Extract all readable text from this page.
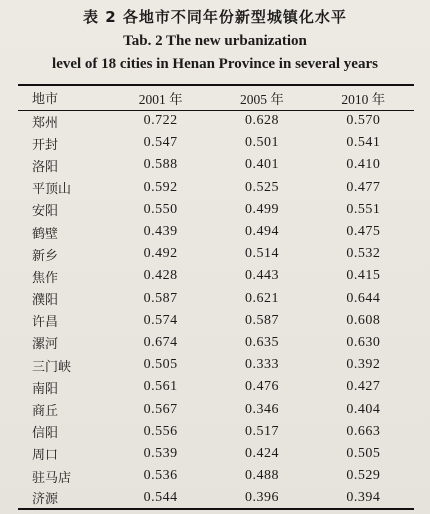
表 2 各地市不同年份新型城镇化水平
Tab. 2 The new urbanization
level of 18 cities in Henan Province in several years
地市	2001 年	2005 年	2010 年
郑州	0.722	0.628	0.570
开封	0.547	0.501	0.541
洛阳	0.588	0.401	0.410
平顶山	0.592	0.525	0.477
安阳	0.550	0.499	0.551
鹤壁	0.439	0.494	0.475
新乡	0.492	0.514	0.532
焦作	0.428	0.443	0.415
濮阳	0.587	0.621	0.644
许昌	0.574	0.587	0.608
漯河	0.674	0.635	0.630
三门峡	0.505	0.333	0.392
南阳	0.561	0.476	0.427
商丘	0.567	0.346	0.404
信阳	0.556	0.517	0.663
周口	0.539	0.424	0.505
驻马店	0.536	0.488	0.529
济源	0.544	0.396	0.394
